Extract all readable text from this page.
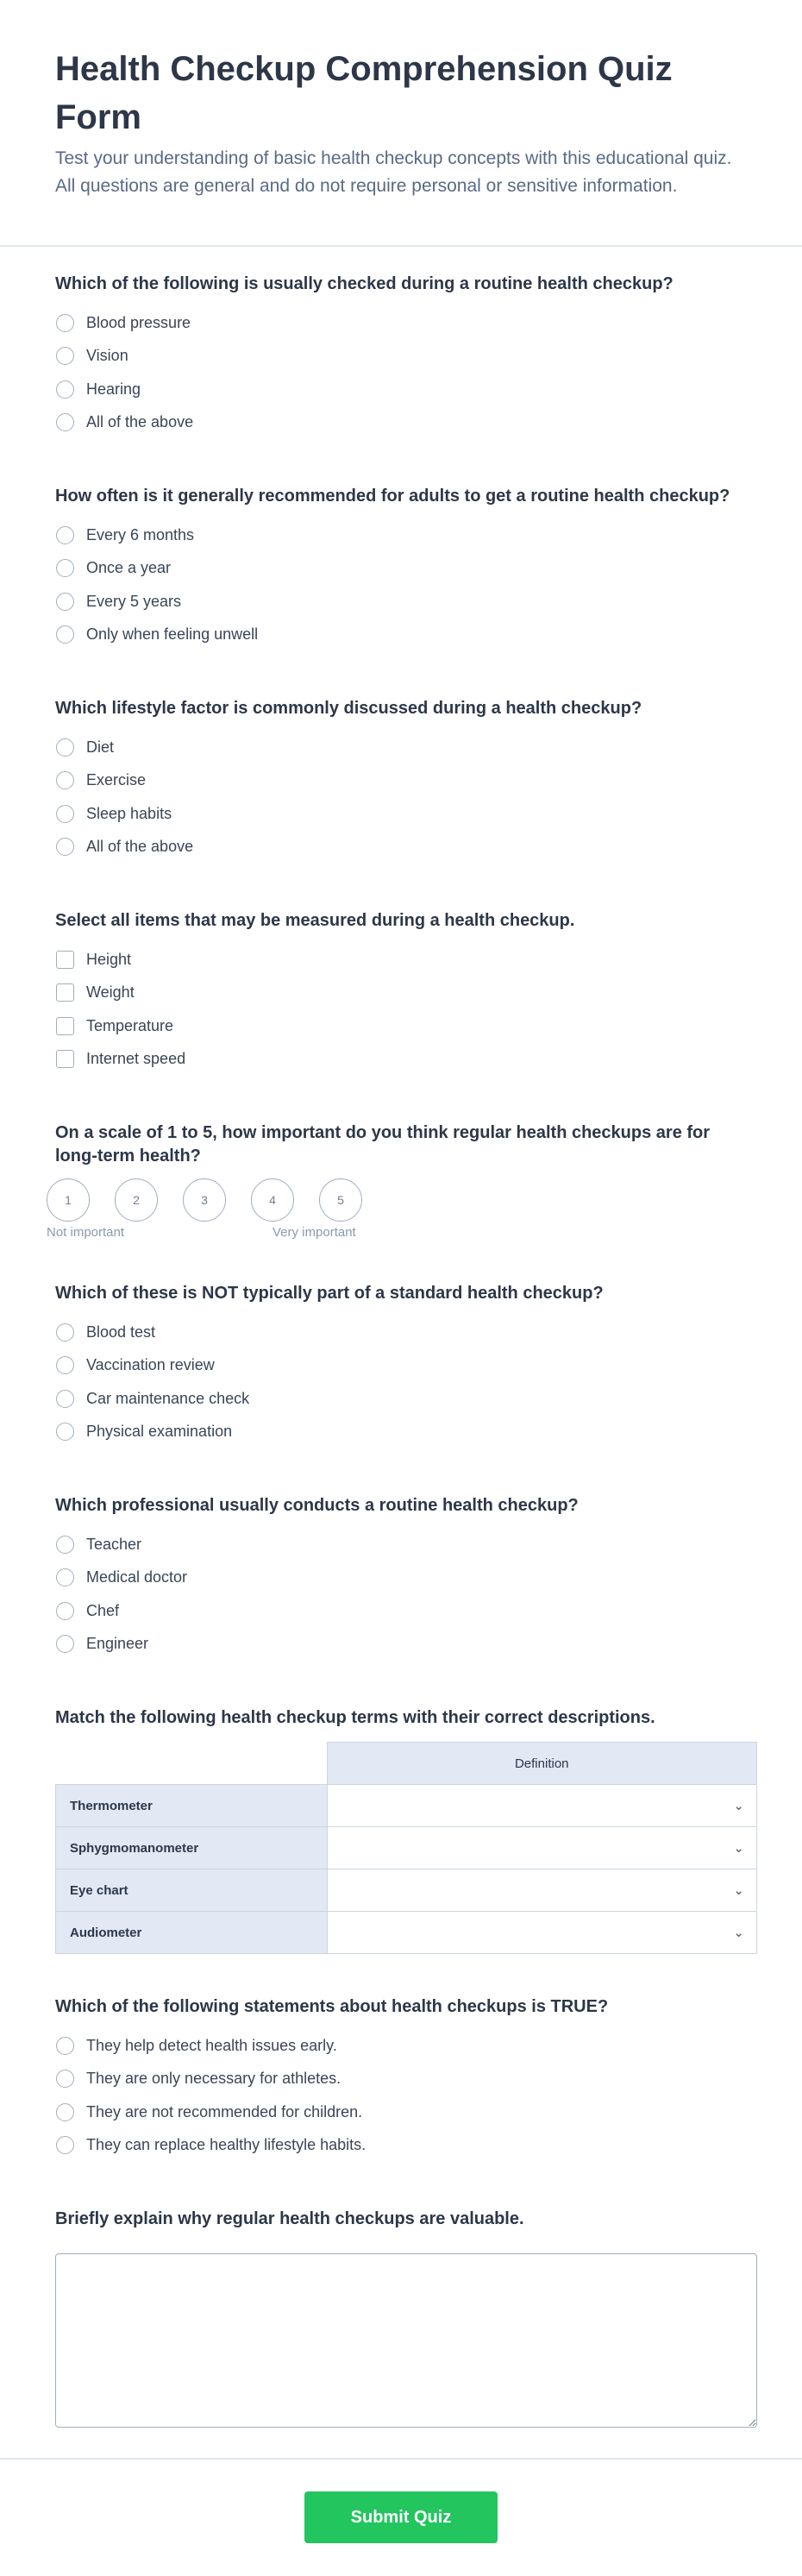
Health Checkup Comprehension Quiz Form

Test your understanding of basic health checkup concepts with this educational quiz. All questions are general and do not require personal or sensitive information.

Which of the following is usually checked during a routine health checkup?
Blood pressure
Vision
Hearing
All of the above
How often is it generally recommended for adults to get a routine health checkup?
Every 6 months
Once a year
Every 5 years
Only when feeling unwell
Which lifestyle factor is commonly discussed during a health checkup?
Diet
Exercise
Sleep habits
All of the above
Select all items that may be measured during a health checkup.
Height
Weight
Temperature
Internet speed
On a scale of 1 to 5, how important do you think regular health checkups are for long-term health?
1	2	3	4	5
Not important	Very important
Which of these is NOT typically part of a standard health checkup?
Blood test
Vaccination review
Car maintenance check
Physical examination
Which professional usually conducts a routine health checkup?
Teacher
Medical doctor
Chef
Engineer
Match the following health checkup terms with their correct descriptions.
	Definition
Thermometer	⌄

Sphygmomanometer	⌄

Eye chart	⌄

Audiometer	⌄
Which of the following statements about health checkups is TRUE?
They help detect health issues early.
They are only necessary for athletes.
They are not recommended for children.
They can replace healthy lifestyle habits.
Briefly explain why regular health checkups are valuable.
Submit Quiz
